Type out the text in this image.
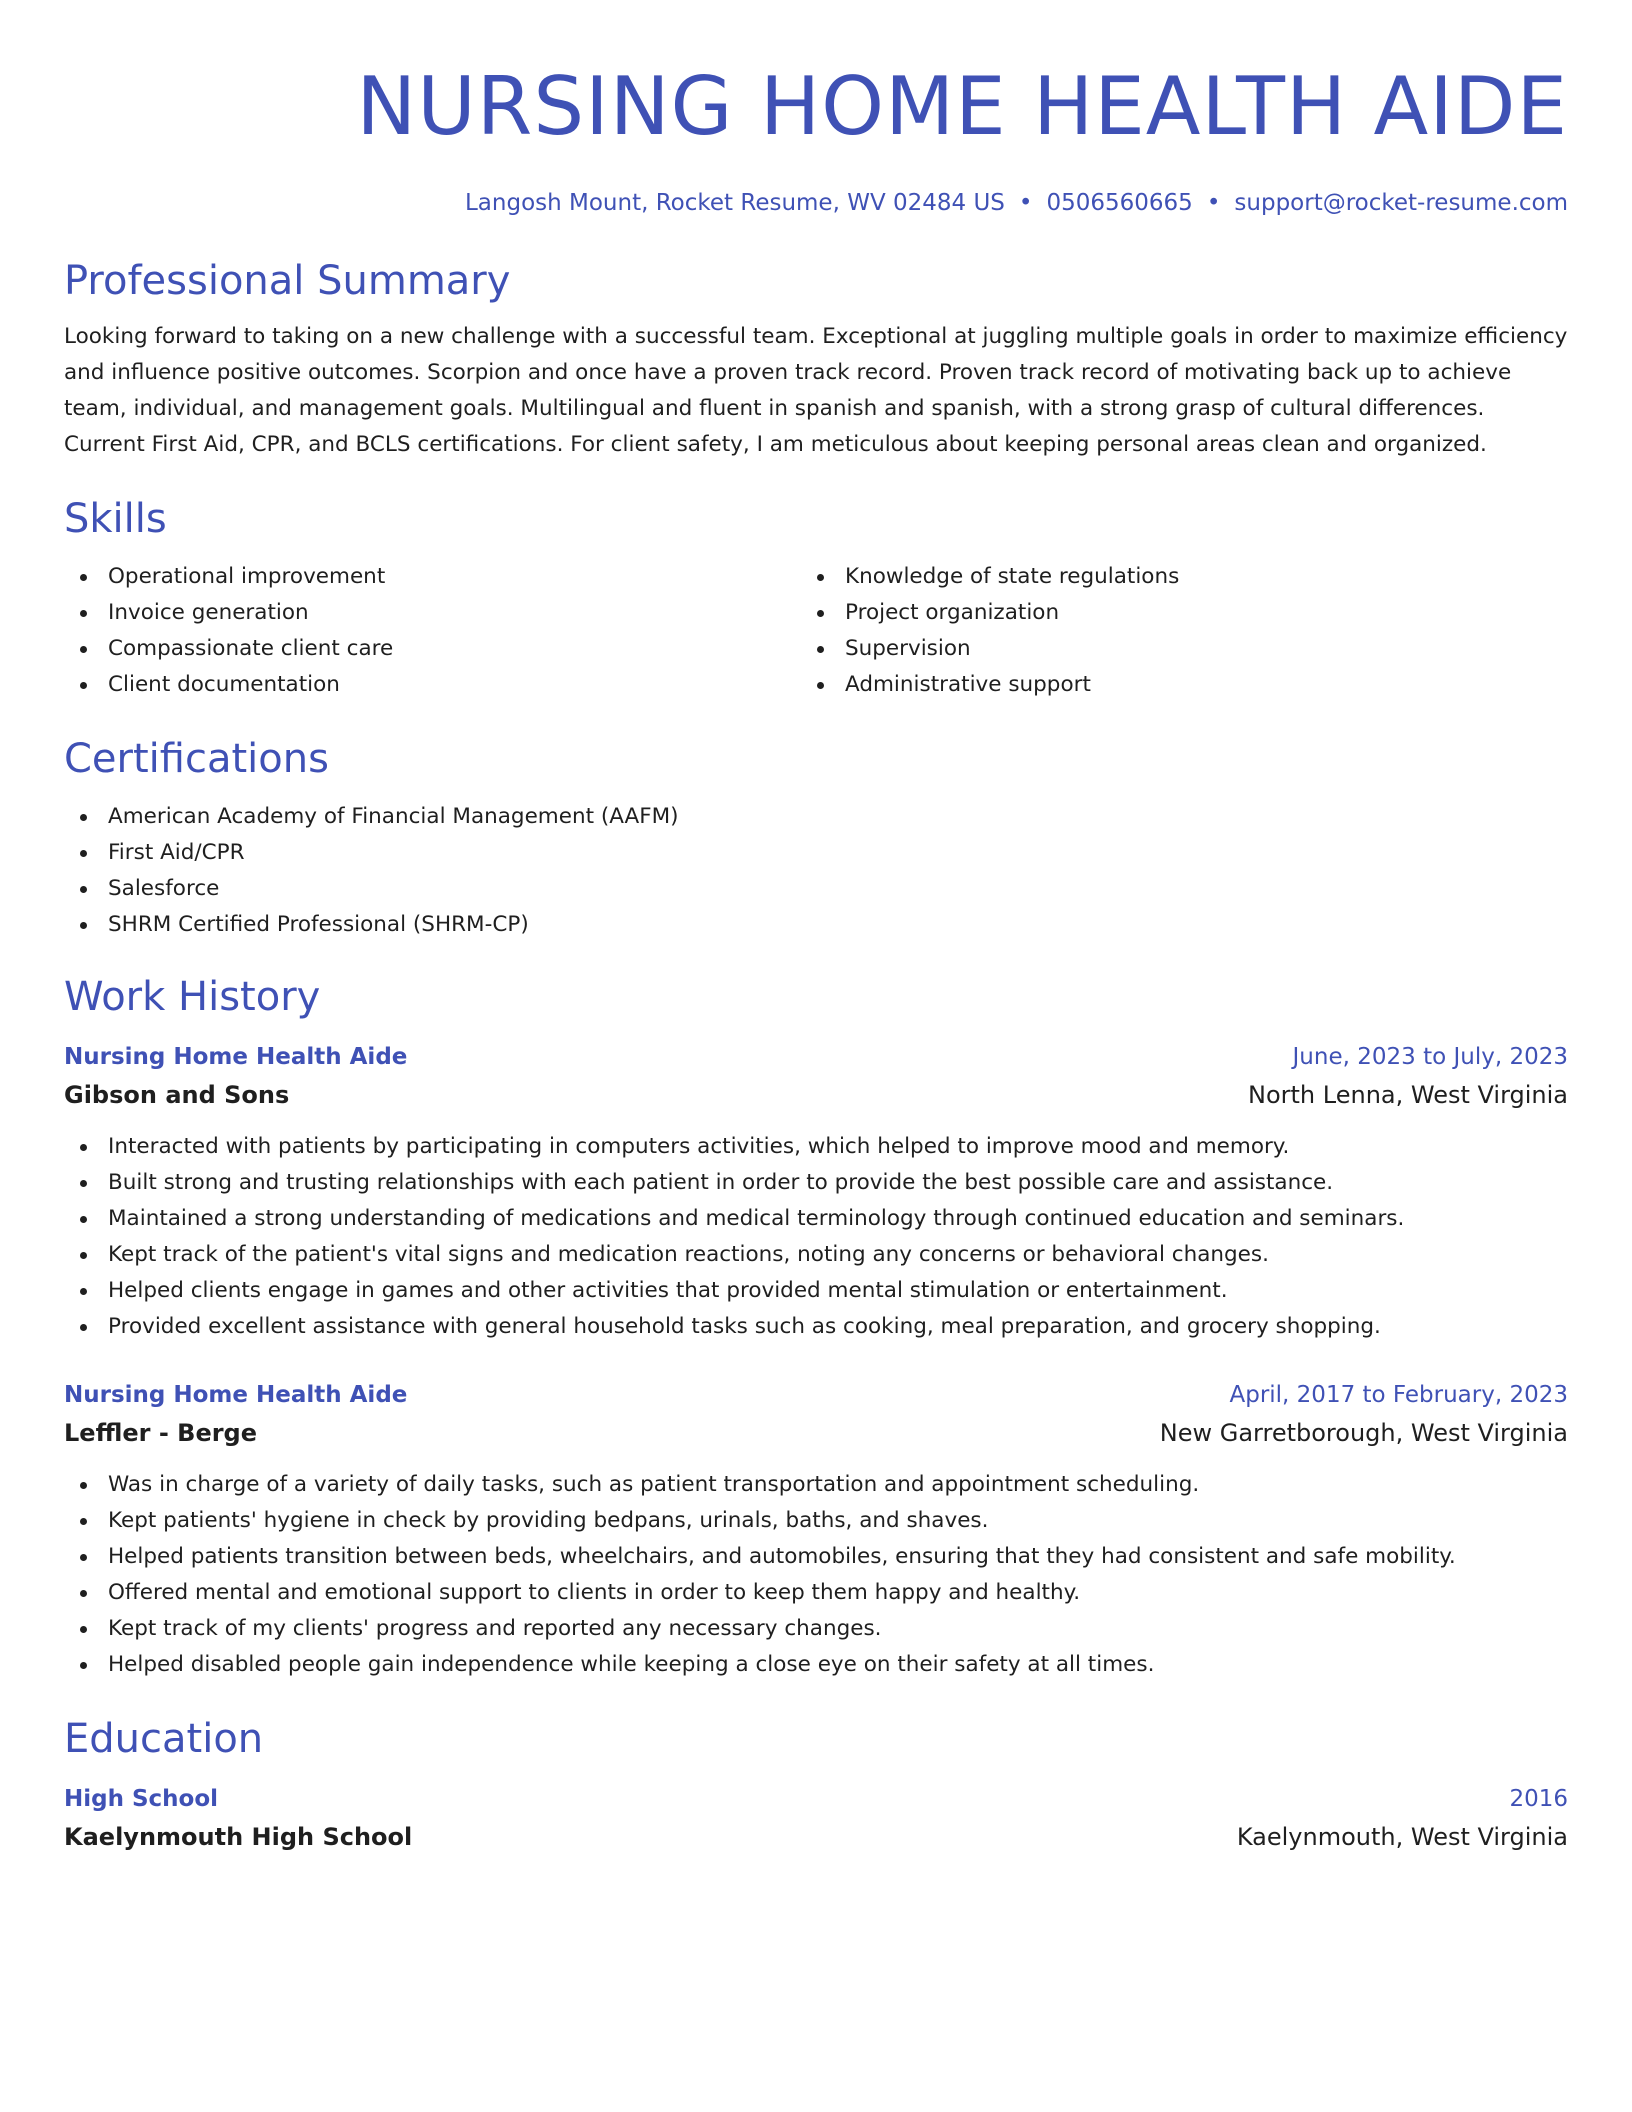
NURSING HOME HEALTH AIDE
Langosh Mount, Rocket Resume, WV 02484 US • 0506560665 • support@rocket-resume.com
Professional Summary

Looking forward to taking on a new challenge with a successful team. Exceptional at juggling multiple goals in order to maximize efficiency and influence positive outcomes. Scorpion and once have a proven track record. Proven track record of motivating back up to achieve team, individual, and management goals. Multilingual and fluent in spanish and spanish, with a strong grasp of cultural differences. Current First Aid, CPR, and BCLS certifications. For client safety, I am meticulous about keeping personal areas clean and organized.

Skills
Operational improvement
Invoice generation
Compassionate client care
Client documentation
Knowledge of state regulations
Project organization
Supervision
Administrative support
Certifications
American Academy of Financial Management (AAFM)
First Aid/CPR
Salesforce
SHRM Certified Professional (SHRM-CP)
Work History
Nursing Home Health Aide	June, 2023 to July, 2023
Gibson and Sons	North Lenna, West Virginia
Interacted with patients by participating in computers activities, which helped to improve mood and memory.
Built strong and trusting relationships with each patient in order to provide the best possible care and assistance.
Maintained a strong understanding of medications and medical terminology through continued education and seminars.
Kept track of the patient's vital signs and medication reactions, noting any concerns or behavioral changes.
Helped clients engage in games and other activities that provided mental stimulation or entertainment.
Provided excellent assistance with general household tasks such as cooking, meal preparation, and grocery shopping.
Nursing Home Health Aide	April, 2017 to February, 2023
Leffler - Berge	New Garretborough, West Virginia
Was in charge of a variety of daily tasks, such as patient transportation and appointment scheduling.
Kept patients' hygiene in check by providing bedpans, urinals, baths, and shaves.
Helped patients transition between beds, wheelchairs, and automobiles, ensuring that they had consistent and safe mobility.
Offered mental and emotional support to clients in order to keep them happy and healthy.
Kept track of my clients' progress and reported any necessary changes.
Helped disabled people gain independence while keeping a close eye on their safety at all times.
Education
High School	2016
Kaelynmouth High School	Kaelynmouth, West Virginia
